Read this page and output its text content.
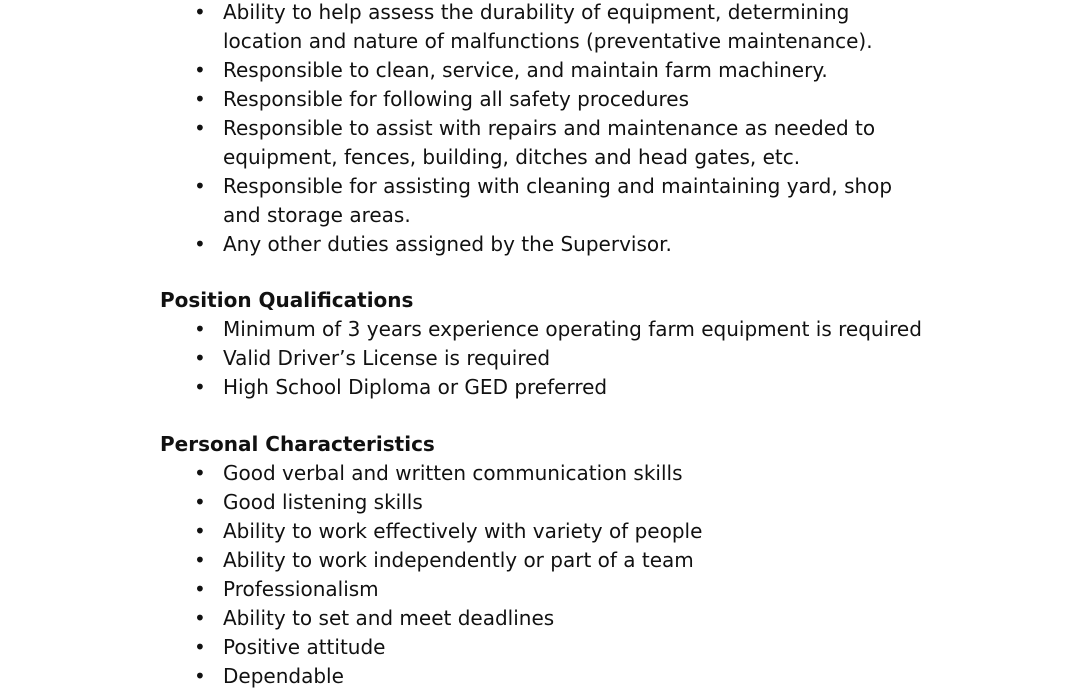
• Ability to help assess the durability of equipment, determining
location and nature of malfunctions (preventative maintenance).
• Responsible to clean, service, and maintain farm machinery.
• Responsible for following all safety procedures
• Responsible to assist with repairs and maintenance as needed to
equipment, fences, building, ditches and head gates, etc.
• Responsible for assisting with cleaning and maintaining yard, shop
and storage areas.
• Any other duties assigned by the Supervisor.
Position Qualifications
• Minimum of 3 years experience operating farm equipment is required
• Valid Driver’s License is required
• High School Diploma or GED preferred
Personal Characteristics
• Good verbal and written communication skills
• Good listening skills
• Ability to work effectively with variety of people
• Ability to work independently or part of a team
• Professionalism
• Ability to set and meet deadlines
• Positive attitude
• Dependable
